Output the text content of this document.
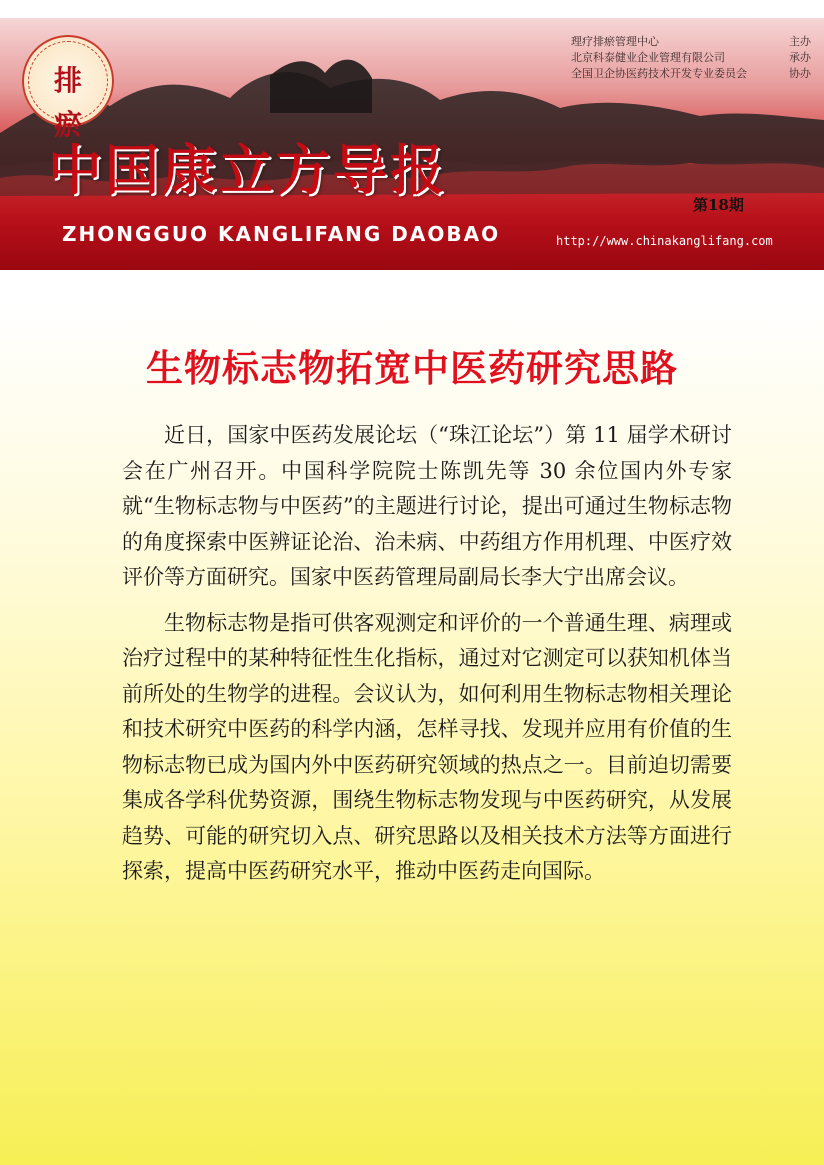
排瘀
理疗排瘀管理中心	主办
北京科泰健业企业管理有限公司	承办
全国卫企协医药技术开发专业委员会	协办
中国康立方导报
第18期
ZHONGGUO KANGLIFANG DAOBAO	http://www.chinakanglifang.com
生物标志物拓宽中医药研究思路

近日，国家中医药发展论坛（“珠江论坛”）第 11 届学术研讨会在广州召开。中国科学院院士陈凯先等 30 余位国内外专家就“生物标志物与中医药”的主题进行讨论，提出可通过生物标志物的角度探索中医辨证论治、治未病、中药组方作用机理、中医疗效评价等方面研究。国家中医药管理局副局长李大宁出席会议。

生物标志物是指可供客观测定和评价的一个普通生理、病理或治疗过程中的某种特征性生化指标，通过对它测定可以获知机体当前所处的生物学的进程。会议认为，如何利用生物标志物相关理论和技术研究中医药的科学内涵，怎样寻找、发现并应用有价值的生物标志物已成为国内外中医药研究领域的热点之一。目前迫切需要集成各学科优势资源，围绕生物标志物发现与中医药研究，从发展趋势、可能的研究切入点、研究思路以及相关技术方法等方面进行探索，提高中医药研究水平，推动中医药走向国际。
